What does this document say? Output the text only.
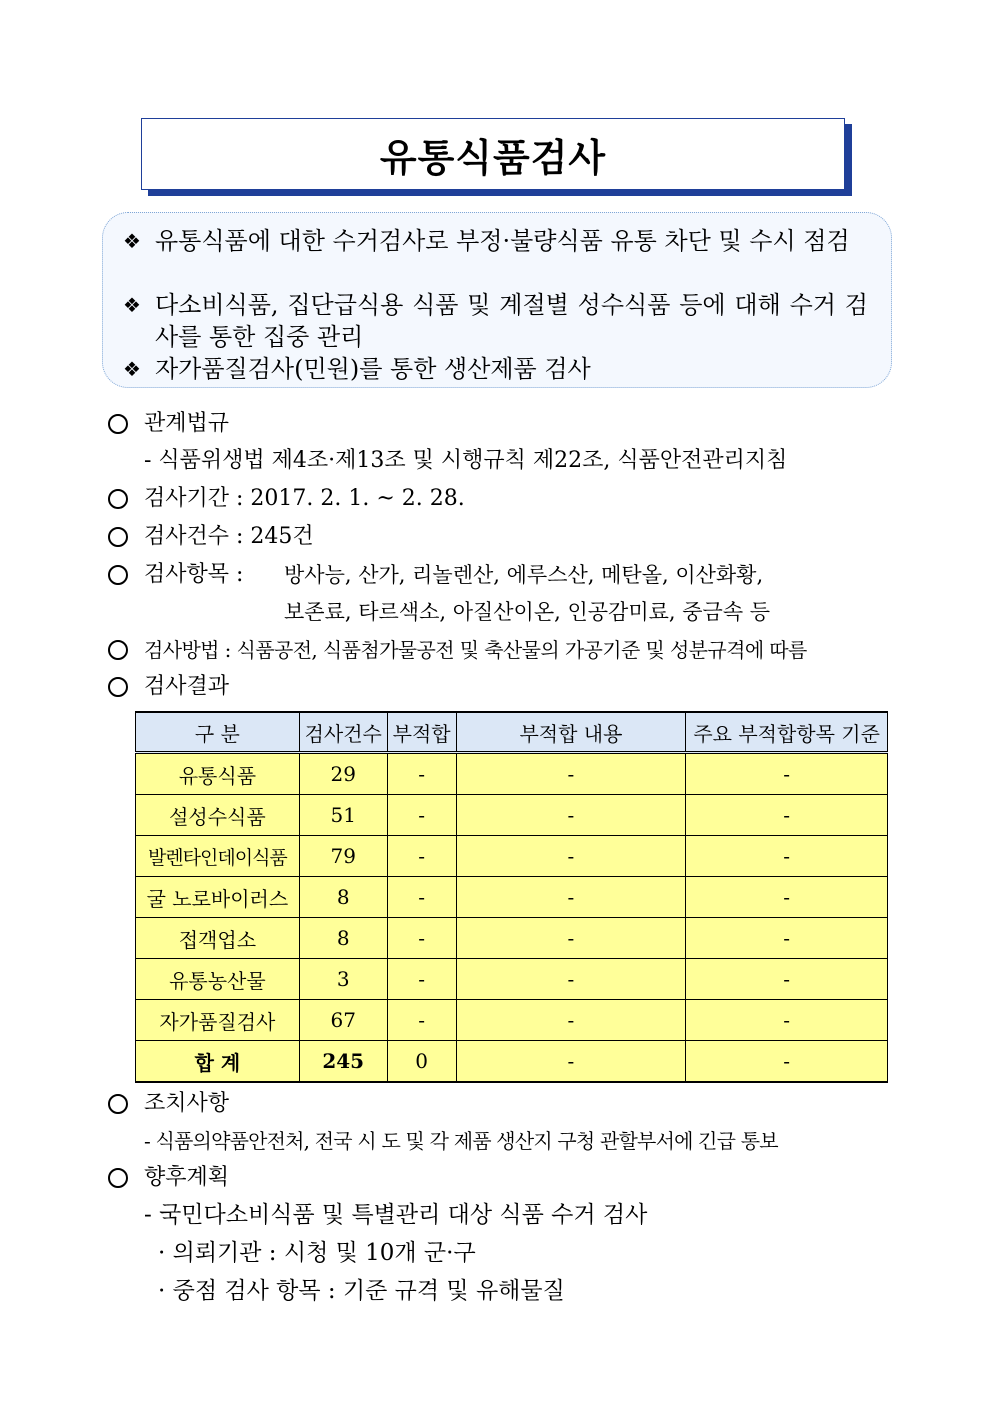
유통식품검사
❖ 유통식품에 대한 수거검사로 부정·불량식품 유통 차단 및 수시 점검
❖ 다소비식품, 집단급식용 식품 및 계절별 성수식품 등에 대해 수거 검사를 통한 집중 관리
❖ 자가품질검사(민원)를 통한 생산제품 검사
관계법규
- 식품위생법 제4조·제13조 및 시행규칙 제22조, 식품안전관리지침
검사기간 : 2017. 2. 1. ~ 2. 28.
검사건수 : 245건
검사항목 : 방사능, 산가, 리놀렌산, 에루스산, 메탄올, 이산화황,
보존료, 타르색소, 아질산이온, 인공감미료, 중금속 등
검사방법 : 식품공전, 식품첨가물공전 및 축산물의 가공기준 및 성분규격에 따름
검사결과
구 분	검사건수	부적합	부적합 내용	주요 부적합항목 기준
유통식품	29	-	-	-
설성수식품	51	-	-	-
발렌타인데이식품	79	-	-	-
굴 노로바이러스	8	-	-	-
접객업소	8	-	-	-
유통농산물	3	-	-	-
자가품질검사	67	-	-	-
합 계	245	0	-	-
조치사항
- 식품의약품안전처, 전국 시 도 및 각 제품 생산지 구청 관할부서에 긴급 통보
향후계획
- 국민다소비식품 및 특별관리 대상 식품 수거 검사
· 의뢰기관 : 시청 및 10개 군·구
· 중점 검사 항목 : 기준 규격 및 유해물질
